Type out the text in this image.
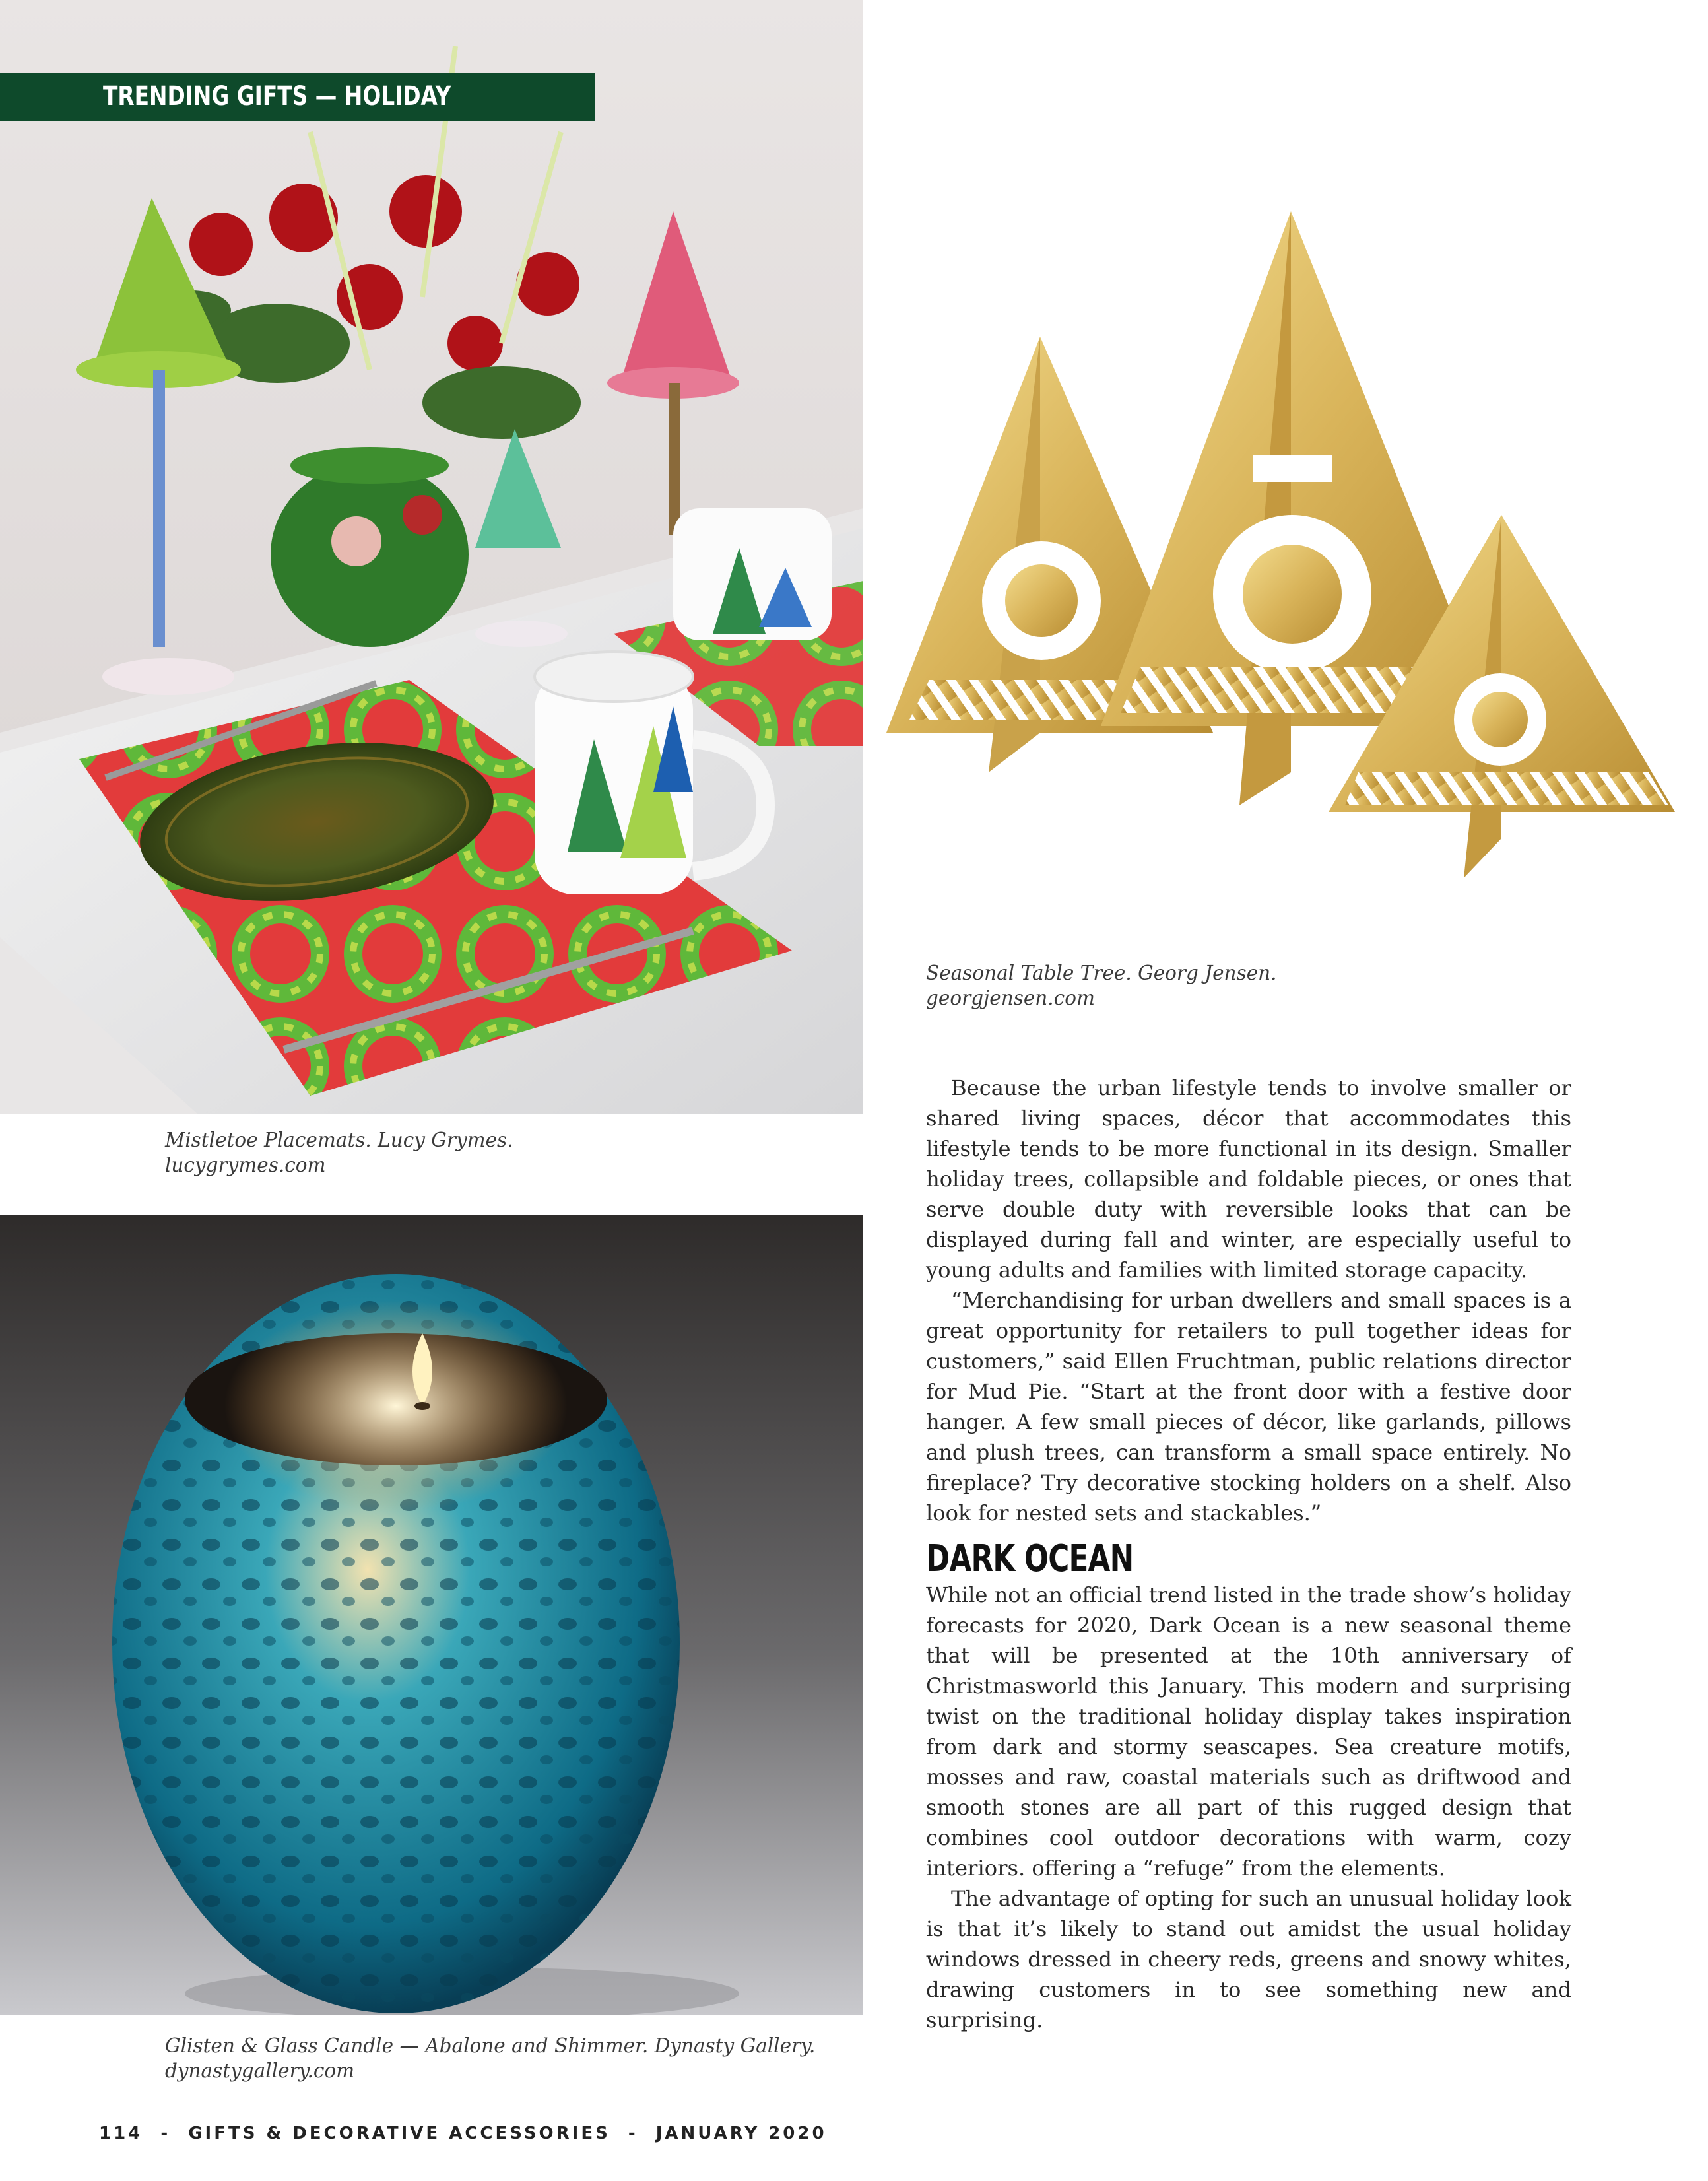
TRENDING GIFTS — HOLIDAY
Mistletoe Placemats. Lucy Grymes.
lucygrymes.com
Seasonal Table Tree. Georg Jensen.
georgjensen.com
Glisten & Glass Candle — Abalone and Shimmer. Dynasty Gallery.
dynastygallery.com

Because the urban lifestyle tends to involve smaller or shared living spaces, décor that accommodates this lifestyle tends to be more functional in its design. Smaller holiday trees, collapsible and foldable pieces, or ones that serve double duty with reversible looks that can be displayed during fall and winter, are especially useful to young adults and families with limited storage capacity.

“Merchandising for urban dwellers and small spaces is a great opportunity for retailers to pull together ideas for customers,” said Ellen Fruchtman, public relations director for Mud Pie. “Start at the front door with a festive door hanger. A few small pieces of décor, like garlands, pillows and plush trees, can transform a small space entirely. No fireplace? Try decorative stocking holders on a shelf. Also look for nested sets and stackables.”

DARK OCEAN

While not an official trend listed in the trade show’s holiday forecasts for 2020, Dark Ocean is a new seasonal theme that will be presented at the 10th anniversary of Christmasworld this January. This modern and surprising twist on the traditional holiday display takes inspiration from dark and stormy seascapes. Sea creature motifs, mosses and raw, coastal materials such as driftwood and smooth stones are all part of this rugged design that combines cool outdoor decorations with warm, cozy interiors. offering a “refuge” from the elements.

The advantage of opting for such an unusual holiday look is that it’s likely to stand out amidst the usual holiday windows dressed in cheery reds, greens and snowy whites, drawing customers in to see something new and surprising.

114 - GIFTS & DECORATIVE ACCESSORIES - JANUARY 2020
